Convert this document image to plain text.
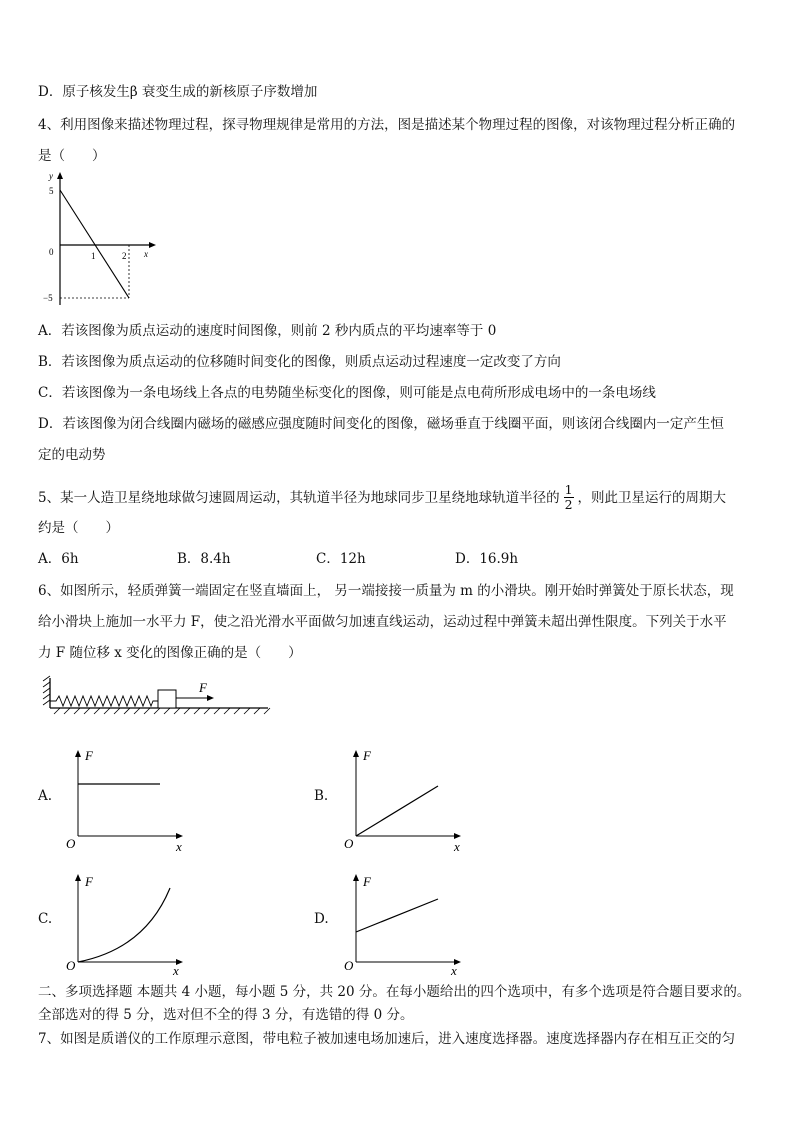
D．原子核发生β 衰变生成的新核原子序数增加
4、利用图像来描述物理过程，探寻物理规律是常用的方法，图是描述某个物理过程的图像，对该物理过程分析正确的
是（　　）
y
x
5
0	1	2
−5
A．若该图像为质点运动的速度时间图像，则前 2 秒内质点的平均速率等于 0
B．若该图像为质点运动的位移随时间变化的图像，则质点运动过程速度一定改变了方向
C．若该图像为一条电场线上各点的电势随坐标变化的图像，则可能是点电荷所形成电场中的一条电场线
D．若该图像为闭合线圈内磁场的磁感应强度随时间变化的图像，磁场垂直于线圈平面，则该闭合线圈内一定产生恒
定的电动势
5、某一人造卫星绕地球做匀速圆周运动，其轨道半径为地球同步卫星绕地球轨道半径的 $\frac{1}{2}$ ，则此卫星运行的周期大
约是（　　）
A．6h	B．8.4h	C．12h	D．16.9h
6、如图所示，轻质弹簧一端固定在竖直墙面上， 另一端接接一质量为 m 的小滑块。刚开始时弹簧处于原长状态，现
给小滑块上施加一水平力 F，使之沿光滑水平面做匀加速直线运动，运动过程中弹簧未超出弹性限度。下列关于水平
力 F 随位移 x 变化的图像正确的是（　　）
F
A.
F
O	x
B.
F
O	x
C.
F
O	x
D.
F
O	x
二、多项选择题 本题共 4 小题，每小题 5 分，共 20 分。在每小题给出的四个选项中，有多个选项是符合题目要求的。
全部选对的得 5 分，选对但不全的得 3 分，有选错的得 0 分。
7、如图是质谱仪的工作原理示意图，带电粒子被加速电场加速后，进入速度选择器。速度选择器内存在相互正交的匀
